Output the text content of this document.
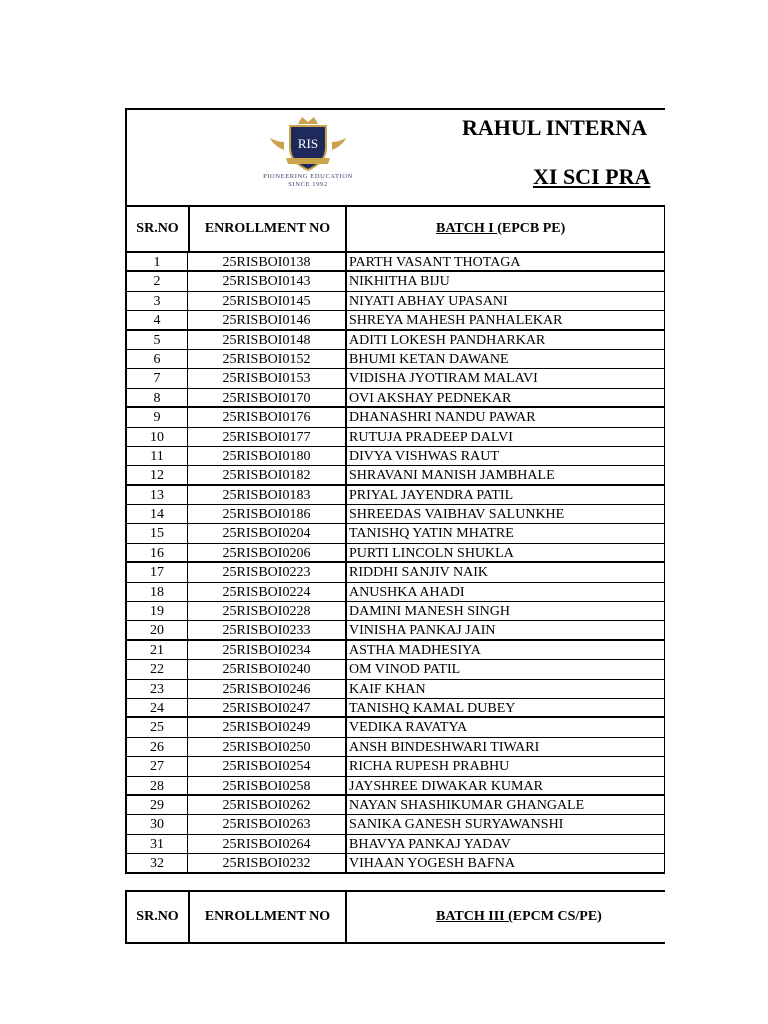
RIS
PIONEERING EDUCATION
SINCE 1992
RAHUL INTERNA
XI SCI PRA
SR.NO	ENROLLMENT NO	BATCH I (EPCB PE)
1	25RISBOI0138	PARTH VASANT THOTAGA
2	25RISBOI0143	NIKHITHA BIJU
3	25RISBOI0145	NIYATI ABHAY UPASANI
4	25RISBOI0146	SHREYA MAHESH PANHALEKAR
5	25RISBOI0148	ADITI LOKESH PANDHARKAR
6	25RISBOI0152	BHUMI KETAN DAWANE
7	25RISBOI0153	VIDISHA JYOTIRAM MALAVI
8	25RISBOI0170	OVI AKSHAY PEDNEKAR
9	25RISBOI0176	DHANASHRI NANDU PAWAR
10	25RISBOI0177	RUTUJA PRADEEP DALVI
11	25RISBOI0180	DIVYA VISHWAS RAUT
12	25RISBOI0182	SHRAVANI MANISH JAMBHALE
13	25RISBOI0183	PRIYAL JAYENDRA PATIL
14	25RISBOI0186	SHREEDAS VAIBHAV SALUNKHE
15	25RISBOI0204	TANISHQ YATIN MHATRE
16	25RISBOI0206	PURTI LINCOLN SHUKLA
17	25RISBOI0223	RIDDHI SANJIV NAIK
18	25RISBOI0224	ANUSHKA AHADI
19	25RISBOI0228	DAMINI MANESH SINGH
20	25RISBOI0233	VINISHA PANKAJ JAIN
21	25RISBOI0234	ASTHA MADHESIYA
22	25RISBOI0240	OM VINOD PATIL
23	25RISBOI0246	KAIF KHAN
24	25RISBOI0247	TANISHQ KAMAL DUBEY
25	25RISBOI0249	VEDIKA RAVATYA
26	25RISBOI0250	ANSH BINDESHWARI TIWARI
27	25RISBOI0254	RICHA RUPESH PRABHU
28	25RISBOI0258	JAYSHREE DIWAKAR KUMAR
29	25RISBOI0262	NAYAN SHASHIKUMAR GHANGALE
30	25RISBOI0263	SANIKA GANESH SURYAWANSHI
31	25RISBOI0264	BHAVYA PANKAJ YADAV
32	25RISBOI0232	VIHAAN YOGESH BAFNA
SR.NO	ENROLLMENT NO	BATCH III ( EPCM CS/PE)
